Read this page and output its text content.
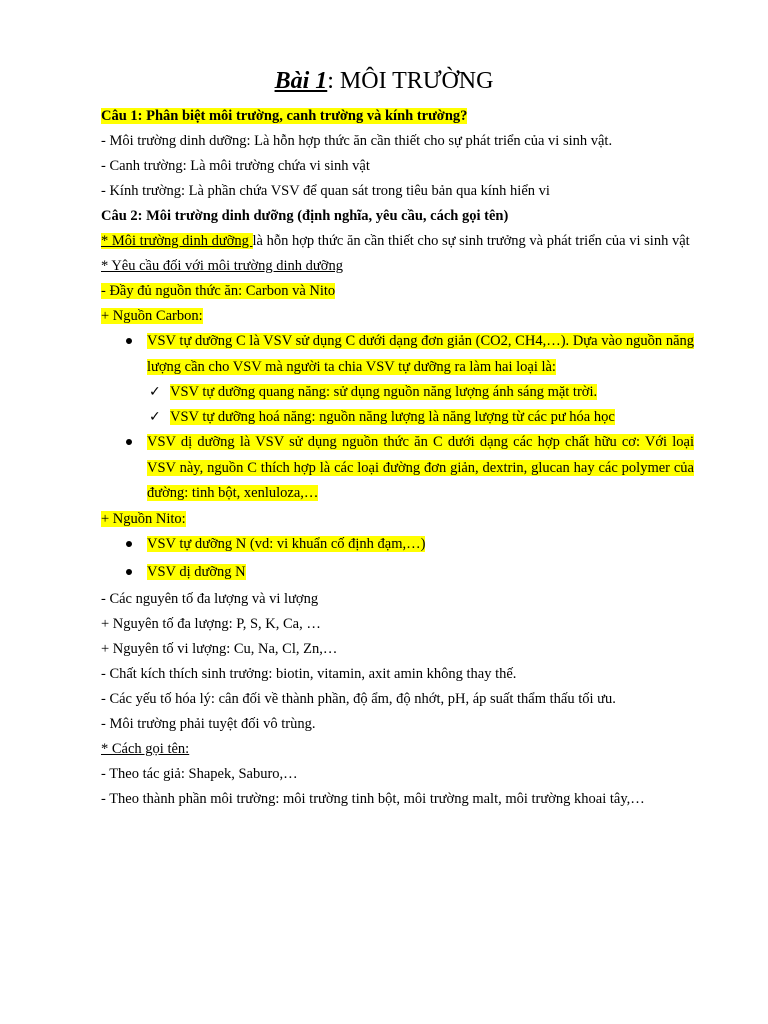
Bài 1: MÔI TRƯỜNG
Câu 1: Phân biệt môi trường, canh trường và kính trường?
- Môi trường dinh dưỡng: Là hỗn hợp thức ăn cần thiết cho sự phát triển của vi sinh vật.
- Canh trường: Là môi trường chứa vi sinh vật
- Kính trường: Là phần chứa VSV để quan sát trong tiêu bản qua kính hiển vi
Câu 2: Môi trường dinh dưỡng (định nghĩa, yêu cầu, cách gọi tên)
* Môi trường dinh dưỡng là hỗn hợp thức ăn cần thiết cho sự sinh trưởng và phát triển của vi sinh vật
* Yêu cầu đối với môi trường dinh dưỡng
- Đầy đủ nguồn thức ăn: Carbon và Nito
+ Nguồn Carbon:
VSV tự dưỡng C là VSV sử dụng C dưới dạng đơn giản (CO2, CH4,…). Dựa vào nguồn năng lượng cần cho VSV mà người ta chia VSV tự dưỡng ra làm hai loại là:
✓ VSV tự dưỡng quang năng: sử dụng nguồn năng lượng ánh sáng mặt trời.
✓ VSV tự dưỡng hoá năng: nguồn năng lượng là năng lượng từ các pư hóa học
VSV dị dưỡng là VSV sử dụng nguồn thức ăn C dưới dạng các hợp chất hữu cơ: Với loại VSV này, nguồn C thích hợp là các loại đường đơn giản, dextrin, glucan hay các polymer của đường: tinh bột, xenluloza,…
+ Nguồn Nito:
VSV tự dưỡng N (vd: vi khuẩn cố định đạm,…)
VSV dị dưỡng N
- Các nguyên tố đa lượng và vi lượng
+ Nguyên tố đa lượng: P, S, K, Ca, …
+ Nguyên tố vi lượng: Cu, Na, Cl, Zn,…
- Chất kích thích sinh trưởng: biotin, vitamin, axit amin không thay thế.
- Các yếu tố hóa lý: cân đối về thành phần, độ ẩm, độ nhớt, pH, áp suất thẩm thấu tối ưu.
- Môi trường phải tuyệt đối vô trùng.
* Cách gọi tên:
- Theo tác giả: Shapek, Saburo,…
- Theo thành phần môi trường: môi trường tinh bột, môi trường malt, môi trường khoai tây,…
